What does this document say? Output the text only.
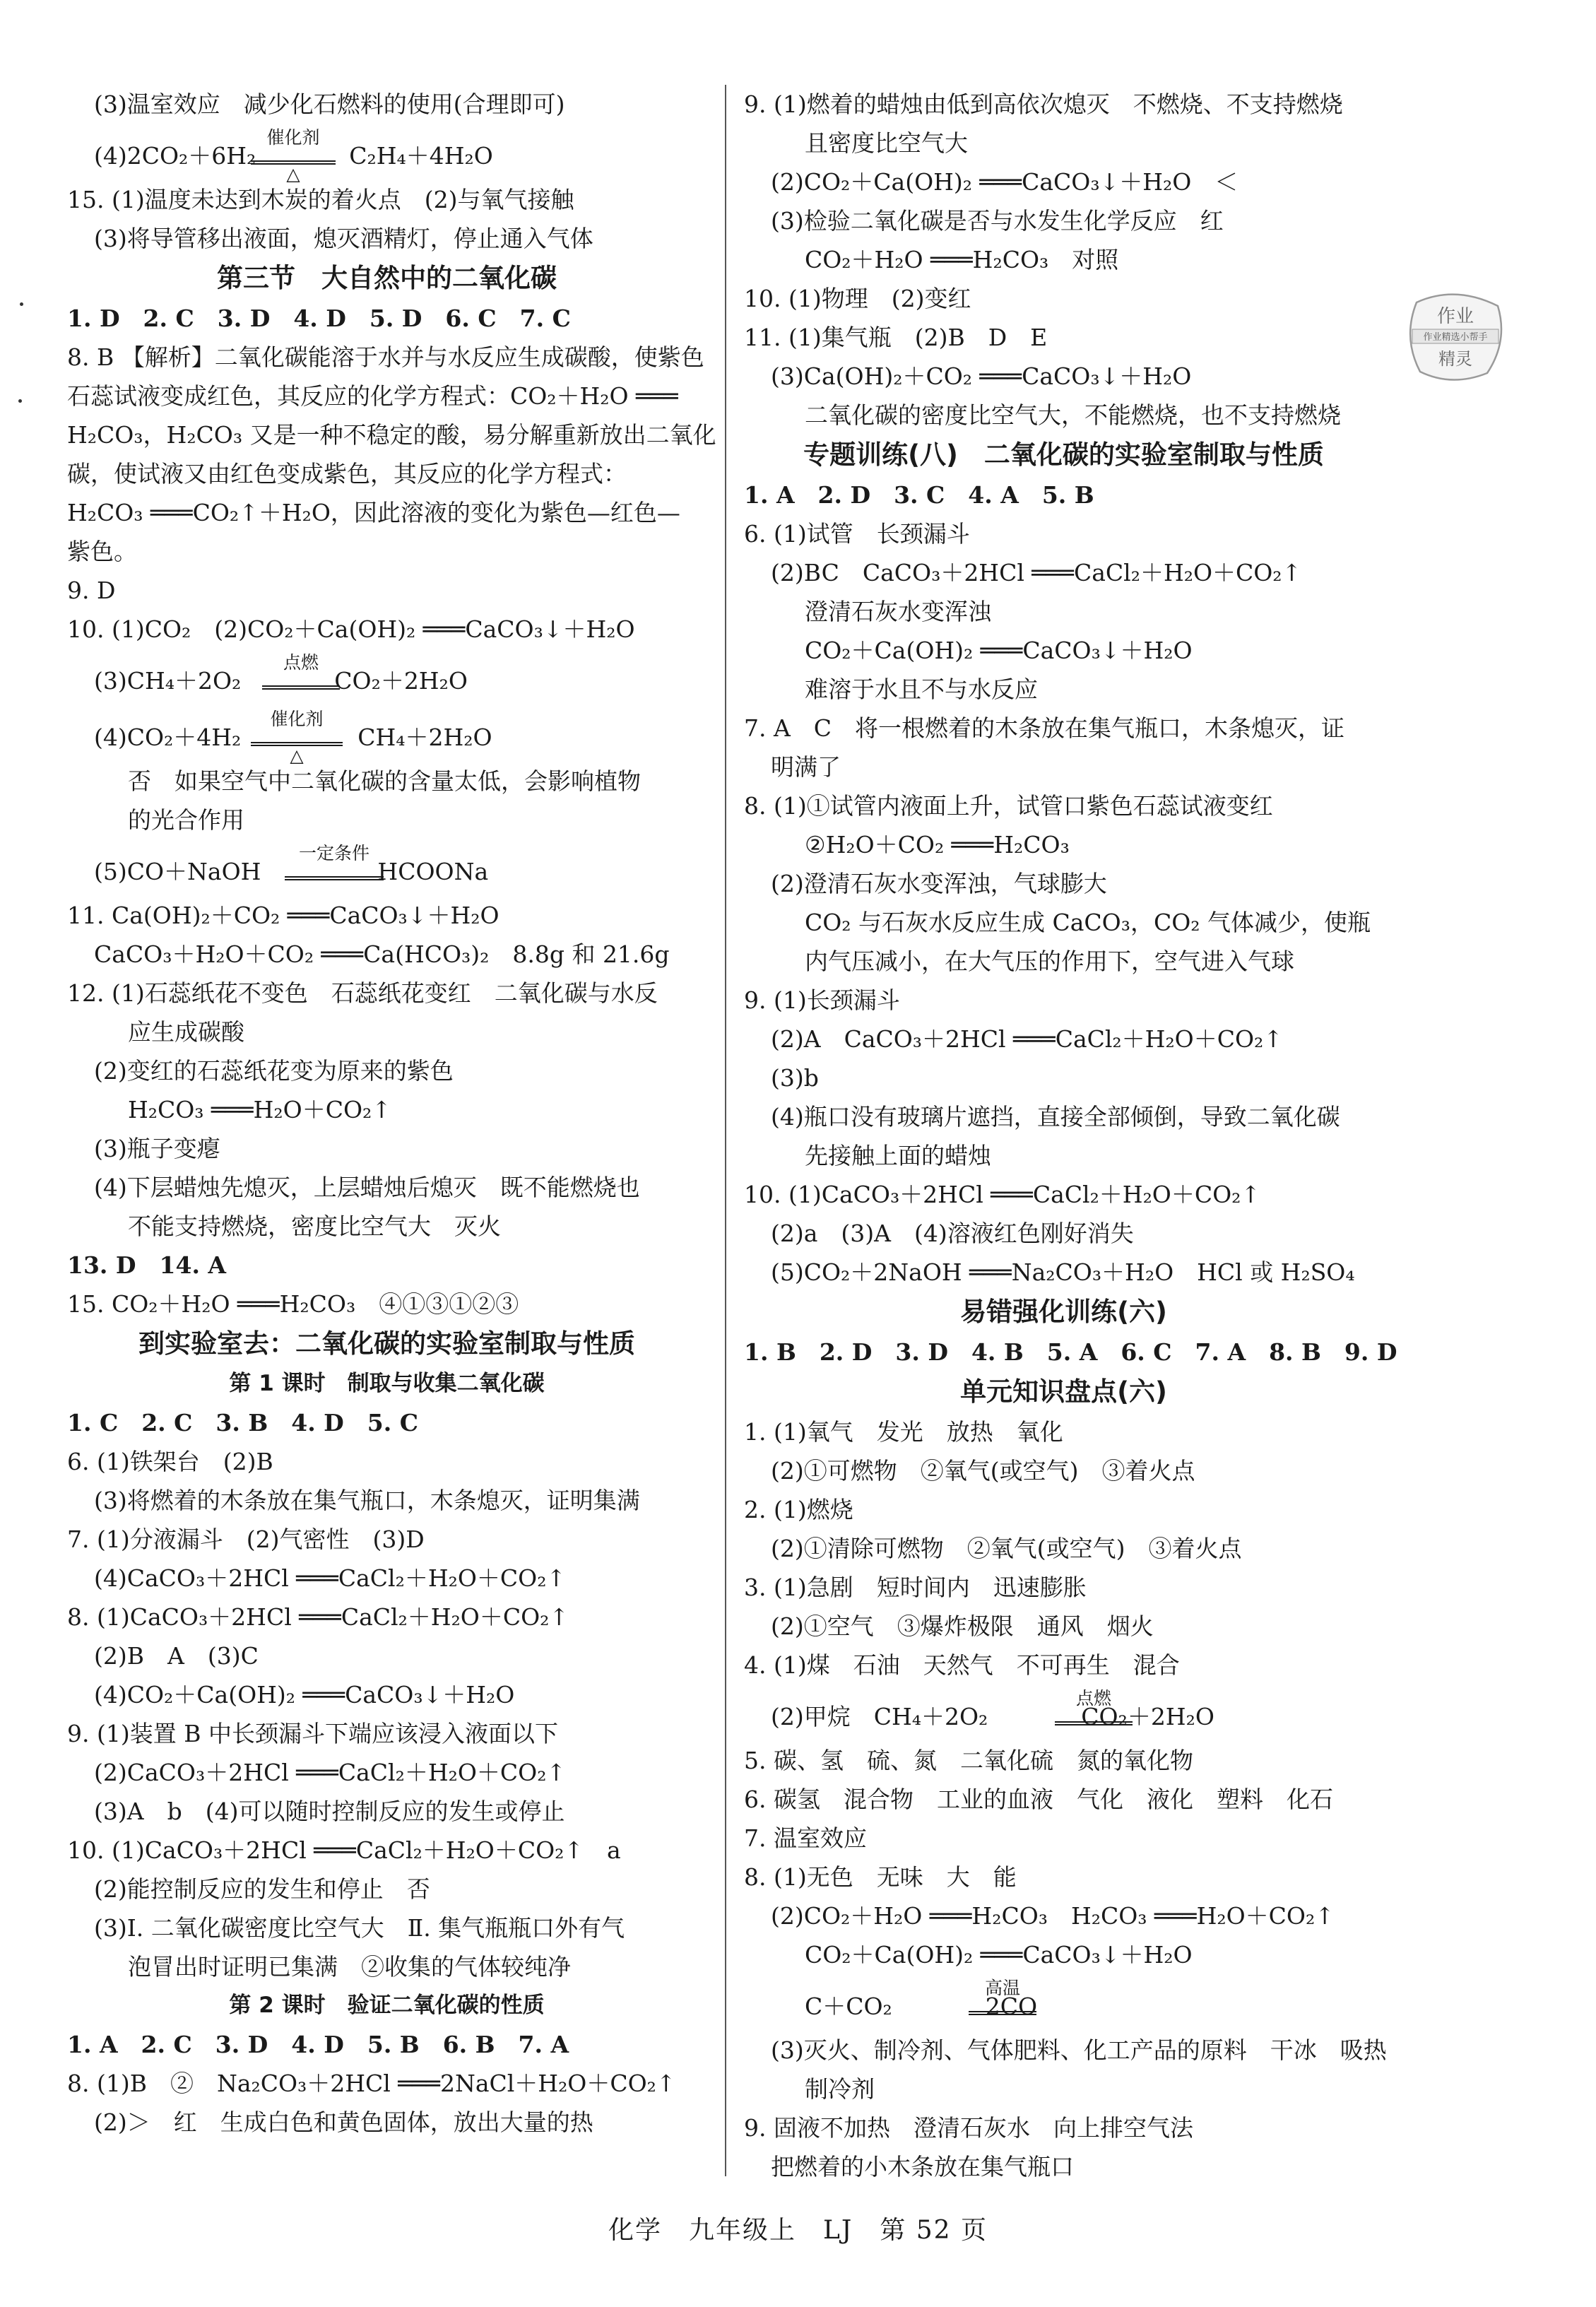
(3)温室效应　减少化石燃料的使用(合理即可)
(4)2CO₂＋6H₂　　　　C₂H₄＋4H₂O
催化剂
△
15. (1)温度未达到木炭的着火点　(2)与氧气接触
(3)将导管移出液面，熄灭酒精灯，停止通入气体
第三节　大自然中的二氧化碳
1. D　2. C　3. D　4. D　5. D　6. C　7. C
8. B 【解析】二氧化碳能溶于水并与水反应生成碳酸，使紫色
石蕊试液变成红色，其反应的化学方程式：CO₂＋H₂O ═══
H₂CO₃，H₂CO₃ 又是一种不稳定的酸，易分解重新放出二氧化
碳，使试液又由红色变成紫色，其反应的化学方程式：
H₂CO₃ ═══CO₂↑＋H₂O，因此溶液的变化为紫色—红色—
紫色。
9. D
10. (1)CO₂　(2)CO₂＋Ca(OH)₂ ═══CaCO₃↓＋H₂O
(3)CH₄＋2O₂　　　　CO₂＋2H₂O
点燃
(4)CO₂＋4H₂　　　　　CH₄＋2H₂O
催化剂
△
否　如果空气中二氧化碳的含量太低，会影响植物
的光合作用
(5)CO＋NaOH　　　　　HCOONa
一定条件
11. Ca(OH)₂＋CO₂ ═══CaCO₃↓＋H₂O
CaCO₃＋H₂O＋CO₂ ═══Ca(HCO₃)₂　8.8g 和 21.6g
12. (1)石蕊纸花不变色　石蕊纸花变红　二氧化碳与水反
应生成碳酸
(2)变红的石蕊纸花变为原来的紫色
H₂CO₃ ═══H₂O＋CO₂↑
(3)瓶子变瘪
(4)下层蜡烛先熄灭，上层蜡烛后熄灭　既不能燃烧也
不能支持燃烧，密度比空气大　灭火
13. D　14. A
15. CO₂＋H₂O ═══H₂CO₃　④①③①②③
到实验室去：二氧化碳的实验室制取与性质
第 1 课时　制取与收集二氧化碳
1. C　2. C　3. B　4. D　5. C
6. (1)铁架台　(2)B
(3)将燃着的木条放在集气瓶口，木条熄灭，证明集满
7. (1)分液漏斗　(2)气密性　(3)D
(4)CaCO₃＋2HCl ═══CaCl₂＋H₂O＋CO₂↑
8. (1)CaCO₃＋2HCl ═══CaCl₂＋H₂O＋CO₂↑
(2)B　A　(3)C
(4)CO₂＋Ca(OH)₂ ═══CaCO₃↓＋H₂O
9. (1)装置 B 中长颈漏斗下端应该浸入液面以下
(2)CaCO₃＋2HCl ═══CaCl₂＋H₂O＋CO₂↑
(3)A　b　(4)可以随时控制反应的发生或停止
10. (1)CaCO₃＋2HCl ═══CaCl₂＋H₂O＋CO₂↑　a
(2)能控制反应的发生和停止　否
(3)Ⅰ. 二氧化碳密度比空气大　Ⅱ. 集气瓶瓶口外有气
泡冒出时证明已集满　②收集的气体较纯净
第 2 课时　验证二氧化碳的性质
1. A　2. C　3. D　4. D　5. B　6. B　7. A
8. (1)B　②　Na₂CO₃＋2HCl ═══2NaCl＋H₂O＋CO₂↑
(2)＞　红　生成白色和黄色固体，放出大量的热
9. (1)燃着的蜡烛由低到高依次熄灭　不燃烧、不支持燃烧
且密度比空气大
(2)CO₂＋Ca(OH)₂ ═══CaCO₃↓＋H₂O　＜
(3)检验二氧化碳是否与水发生化学反应　红
CO₂＋H₂O ═══H₂CO₃　对照
10. (1)物理　(2)变红
11. (1)集气瓶　(2)B　D　E
(3)Ca(OH)₂＋CO₂ ═══CaCO₃↓＋H₂O
二氧化碳的密度比空气大，不能燃烧，也不支持燃烧
专题训练(八)　二氧化碳的实验室制取与性质
1. A　2. D　3. C　4. A　5. B
6. (1)试管　长颈漏斗
(2)BC　CaCO₃＋2HCl ═══CaCl₂＋H₂O＋CO₂↑
澄清石灰水变浑浊
CO₂＋Ca(OH)₂ ═══CaCO₃↓＋H₂O
难溶于水且不与水反应
7. A　C　将一根燃着的木条放在集气瓶口，木条熄灭，证
明满了
8. (1)①试管内液面上升，试管口紫色石蕊试液变红
②H₂O＋CO₂ ═══H₂CO₃
(2)澄清石灰水变浑浊，气球膨大
CO₂ 与石灰水反应生成 CaCO₃，CO₂ 气体减少，使瓶
内气压减小，在大气压的作用下，空气进入气球
9. (1)长颈漏斗
(2)A　CaCO₃＋2HCl ═══CaCl₂＋H₂O＋CO₂↑
(3)b
(4)瓶口没有玻璃片遮挡，直接全部倾倒，导致二氧化碳
先接触上面的蜡烛
10. (1)CaCO₃＋2HCl ═══CaCl₂＋H₂O＋CO₂↑
(2)a　(3)A　(4)溶液红色刚好消失
(5)CO₂＋2NaOH ═══Na₂CO₃＋H₂O　HCl 或 H₂SO₄
易错强化训练(六)
1. B　2. D　3. D　4. B　5. A　6. C　7. A　8. B　9. D
单元知识盘点(六)
1. (1)氧气　发光　放热　氧化
(2)①可燃物　②氧气(或空气)　③着火点
2. (1)燃烧
(2)①清除可燃物　②氧气(或空气)　③着火点
3. (1)急剧　短时间内　迅速膨胀
(2)①空气　③爆炸极限　通风　烟火
4. (1)煤　石油　天然气　不可再生　混合
(2)甲烷　CH₄＋2O₂　　　　CO₂＋2H₂O
点燃
5. 碳、氢　硫、氮　二氧化硫　氮的氧化物
6. 碳氢　混合物　工业的血液　气化　液化　塑料　化石
7. 温室效应
8. (1)无色　无味　大　能
(2)CO₂＋H₂O ═══H₂CO₃　H₂CO₃ ═══H₂O＋CO₂↑
CO₂＋Ca(OH)₂ ═══CaCO₃↓＋H₂O
C＋CO₂　　　　2CO
高温
(3)灭火、制冷剂、气体肥料、化工产品的原料　干冰　吸热
制冷剂
9. 固液不加热　澄清石灰水　向上排空气法
把燃着的小木条放在集气瓶口
作业
作业精选小帮手
精灵
化学　九年级上　LJ　第 52 页
